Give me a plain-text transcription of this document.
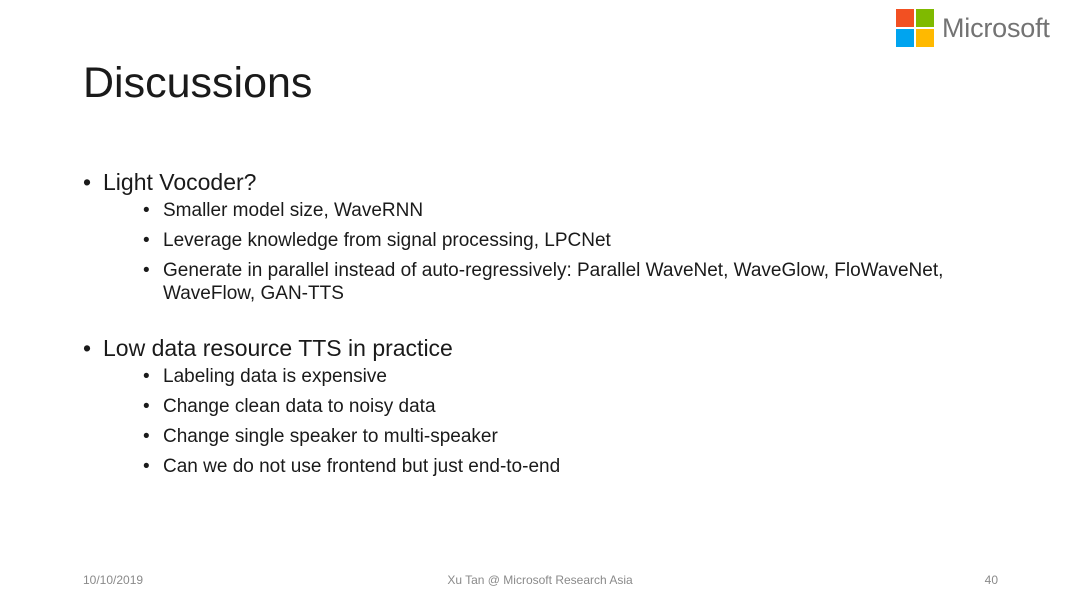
Microsoft
Discussions
• Light Vocoder?
• Smaller model size, WaveRNN
• Leverage knowledge from signal processing, LPCNet
• Generate in parallel instead of auto-regressively: Parallel WaveNet, WaveGlow, FloWaveNet, WaveFlow, GAN-TTS
• Low data resource TTS in practice
• Labeling data is expensive
• Change clean data to noisy data
• Change single speaker to multi-speaker
• Can we do not use frontend but just end-to-end
10/10/2019	Xu Tan @ Microsoft Research Asia	40
